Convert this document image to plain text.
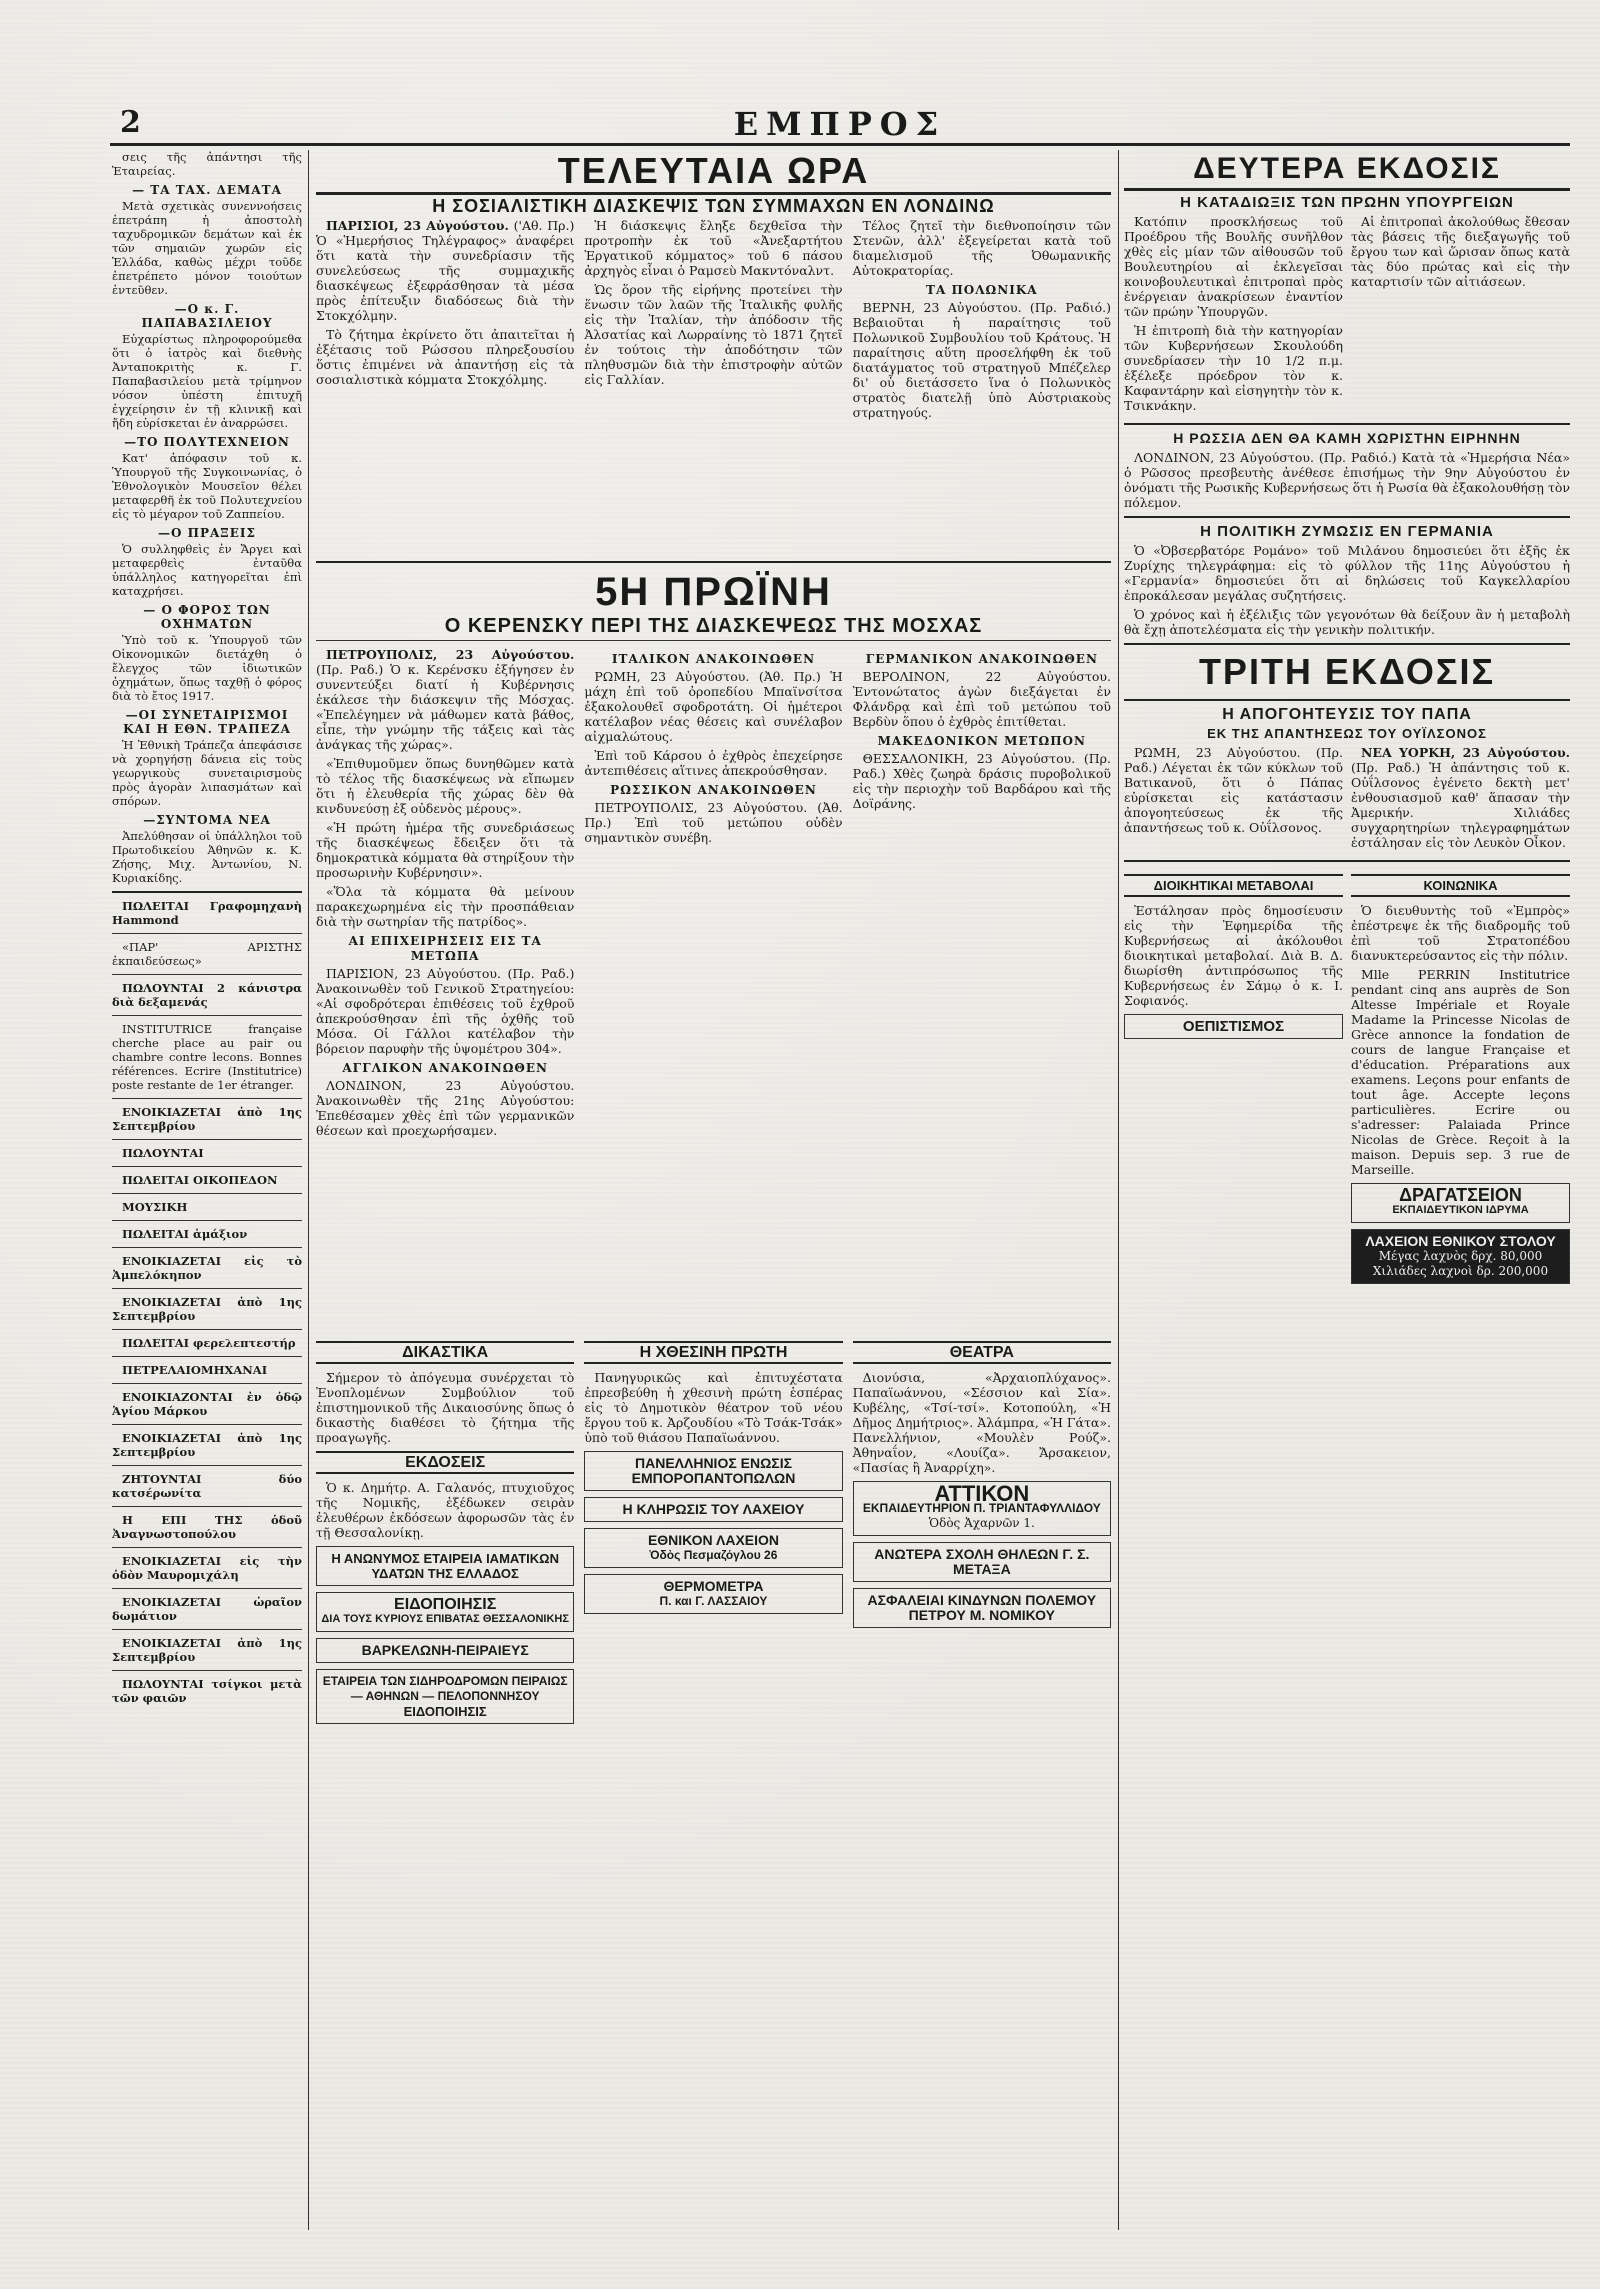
2	ΕΜΠΡΟΣ

σεις τῆς ἀπάντησι τῆς Ἑταιρείας.

— ΤΑ ΤΑΧ. ΔΕΜΑΤΑ

Μετὰ σχετικὰς συνεννοήσεις ἐπετράπη ἡ ἀποστολὴ ταχυδρομικῶν δεμάτων καὶ ἐκ τῶν σημαιῶν χωρῶν εἰς Ἑλλάδα, καθὼς μέχρι τοῦδε ἐπετρέπετο μόνον τοιούτων ἐντεῦθεν.

—Ο κ. Γ. ΠΑΠΑΒΑΣΙΛΕΙΟΥ

Εὐχαρίστως πληροφορούμεθα ὅτι ὁ ἰατρὸς καὶ διεθνὴς Ἀνταποκριτὴς κ. Γ. Παπαβασιλείου μετὰ τρίμηνον νόσον ὑπέστη ἐπιτυχῆ ἐγχείρησιν ἐν τῇ κλινικῇ καὶ ἤδη εὑρίσκεται ἐν ἀναρρώσει.

—ΤΟ ΠΟΛΥΤΕΧΝΕΙΟΝ

Κατ' ἀπόφασιν τοῦ κ. Ὑπουργοῦ τῆς Συγκοινωνίας, ὁ Ἐθνολογικὸν Μουσεῖον θέλει μεταφερθῆ ἐκ τοῦ Πολυτεχνείου εἰς τὸ μέγαρον τοῦ Ζαππείου.

—Ο ΠΡΑΞΕΙΣ

Ὁ συλληφθεὶς ἐν Ἄργει καὶ μεταφερθεὶς ἐνταῦθα ὑπάλληλος κατηγορεῖται ἐπὶ καταχρήσει.

— Ο ΦΟΡΟΣ ΤΩΝ ΟΧΗΜΑΤΩΝ

Ὑπὸ τοῦ κ. Ὑπουργοῦ τῶν Οἰκονομικῶν διετάχθη ὁ ἔλεγχος τῶν ἰδιωτικῶν ὀχημάτων, ὅπως ταχθῇ ὁ φόρος διὰ τὸ ἔτος 1917.

—ΟΙ ΣΥΝΕΤΑΙΡΙΣΜΟΙ ΚΑΙ Η ΕΘΝ. ΤΡΑΠΕΖΑ

Ἡ Ἐθνικὴ Τράπεζα ἀπεφάσισε νὰ χορηγήσῃ δάνεια εἰς τοὺς γεωργικοὺς συνεταιρισμοὺς πρὸς ἀγορὰν λιπασμάτων καὶ σπόρων.

—ΣΥΝΤΟΜΑ ΝΕΑ

Ἀπελύθησαν οἱ ὑπάλληλοι τοῦ Πρωτοδικείου Ἀθηνῶν κ. Κ. Ζήσης, Μιχ. Ἀντωνίου, Ν. Κυριακίδης.

ΠΩΛΕΙΤΑΙ Γραφομηχανὴ Hammond

«ΠΑΡ' ΑΡΙΣΤΗΣ ἐκπαιδεύσεως»

ΠΩΛΟΥΝΤΑΙ 2 κάνιστρα διὰ δεξαμενάς

INSTITUTRICE française cherche place au pair ou chambre contre lecons. Bonnes références. Ecrire (Institutrice) poste restante de 1er étranger.

ΕΝΟΙΚΙΑΖΕΤΑΙ ἀπὸ 1ης Σεπτεμβρίου

ΠΩΛΟΥΝΤΑΙ

ΠΩΛΕΙΤΑΙ ΟΙΚΟΠΕΔΟΝ

ΜΟΥΣΙΚΗ

ΠΩΛΕΙΤΑΙ ἁμάξιον

ΕΝΟΙΚΙΑΖΕΤΑΙ εἰς τὸ Ἀμπελόκηπον

ΕΝΟΙΚΙΑΖΕΤΑΙ ἀπὸ 1ης Σεπτεμβρίου

ΠΩΛΕΙΤΑΙ φερελεπτεστήρ

ΠΕΤΡΕΛΑΙΟΜΗΧΑΝΑΙ

ΕΝΟΙΚΙΑΖΟΝΤΑΙ ἐν ὁδῷ Ἁγίου Μάρκου

ΕΝΟΙΚΙΑΖΕΤΑΙ ἀπὸ 1ης Σεπτεμβρίου

ΖΗΤΟΥΝΤΑΙ δύο κατσέρωνίτα

Η ΕΠΙ ΤΗΣ ὁδοῦ Ἀναγνωστοπούλου

ΕΝΟΙΚΙΑΖΕΤΑΙ εἰς τὴν ὁδὸν Μαυρομιχάλη

ΕΝΟΙΚΙΑΖΕΤΑΙ ὡραῖον δωμάτιον

ΕΝΟΙΚΙΑΖΕΤΑΙ ἀπὸ 1ης Σεπτεμβρίου

ΠΩΛΟΥΝΤΑΙ τσίγκοι μετὰ τῶν φαιῶν

ΤΕΛΕΥΤΑΙΑ ΩΡΑ
Η ΣΟΣΙΑΛΙΣΤΙΚΗ ΔΙΑΣΚΕΨΙΣ ΤΩΝ ΣΥΜΜΑΧΩΝ ΕΝ ΛΟΝΔΙΝΩ

ΠΑΡΙΣΙΟΙ, 23 Αὐγούστου. ('Αθ. Πρ.) Ὁ «Ἡμερήσιος Τηλέγραφος» ἀναφέρει ὅτι κατὰ τὴν συνεδρίασιν τῆς συνελεύσεως τῆς συμμαχικῆς διασκέψεως ἐξεφράσθησαν τὰ μέσα πρὸς ἐπίτευξιν διαδόσεως διὰ τὴν Στοκχόλμην.

Τὸ ζήτημα ἐκρίνετο ὅτι ἀπαιτεῖται ἡ ἐξέτασις τοῦ Ρώσσου πληρεξουσίου ὅστις ἐπιμένει νὰ ἀπαντήσῃ εἰς τὰ σοσιαλιστικὰ κόμματα Στοκχόλμης.

Ἡ διάσκεψις ἔληξε δεχθεῖσα τὴν προτροπὴν ἐκ τοῦ «Ἀνεξαρτήτου Ἐργατικοῦ κόμματος» τοῦ 6 πάσου ἀρχηγὸς εἶναι ὁ Ραμσεὺ Μακντόναλντ.

Ὡς ὅρον τῆς εἰρήνης προτείνει τὴν ἕνωσιν τῶν λαῶν τῆς Ἰταλικῆς φυλῆς εἰς τὴν Ἰταλίαν, τὴν ἀπόδοσιν τῆς Ἀλσατίας καὶ Λωρραίνης τὸ 1871 ζητεῖ ἐν τούτοις τὴν ἀποδότησιν τῶν πληθυσμῶν διὰ τὴν ἐπιστροφὴν αὐτῶν εἰς Γαλλίαν.

Τέλος ζητεῖ τὴν διεθνοποίησιν τῶν Στενῶν, ἀλλ' ἐξεγείρεται κατὰ τοῦ διαμελισμοῦ τῆς Ὀθωμανικῆς Αὐτοκρατορίας.

ΤΑ ΠΟΛΩΝΙΚΑ

ΒΕΡΝΗ, 23 Αὐγούστου. (Πρ. Ραδιό.) Βεβαιοῦται ἡ παραίτησις τοῦ Πολωνικοῦ Συμβουλίου τοῦ Κράτους. Ἡ παραίτησις αὕτη προσελήφθη ἐκ τοῦ διατάγματος τοῦ στρατηγοῦ Μπέζελερ δι' οὗ διετάσσετο ἵνα ὁ Πολωνικὸς στρατὸς διατελῇ ὑπὸ Αὐστριακοὺς στρατηγούς.

5Η ΠΡΩΪΝΗ
Ο ΚΕΡΕΝΣΚΥ ΠΕΡΙ ΤΗΣ ΔΙΑΣΚΕΨΕΩΣ ΤΗΣ ΜΟΣΧΑΣ

ΠΕΤΡΟΥΠΟΛΙΣ, 23 Αὐγούστου. (Πρ. Ραδ.) Ὁ κ. Κερένσκυ ἐξήγησεν ἐν συνεντεύξει διατί ἡ Κυβέρνησις ἐκάλεσε τὴν διάσκεψιν τῆς Μόσχας. «Ἐπελέγημεν νὰ μάθωμεν κατὰ βάθος, εἶπε, τὴν γνώμην τῆς τάξεις καὶ τὰς ἀνάγκας τῆς χώρας».

«Ἐπιθυμοῦμεν ὅπως δυνηθῶμεν κατὰ τὸ τέλος τῆς διασκέψεως νὰ εἴπωμεν ὅτι ἡ ἐλευθερία τῆς χώρας δὲν θὰ κινδυνεύσῃ ἐξ οὐδενὸς μέρους».

«Ἡ πρώτη ἡμέρα τῆς συνεδριάσεως τῆς διασκέψεως ἔδειξεν ὅτι τὰ δημοκρατικὰ κόμματα θὰ στηρίξουν τὴν προσωρινὴν Κυβέρνησιν».

«Ὅλα τὰ κόμματα θὰ μείνουν παρακεχωρημένα εἰς τὴν προσπάθειαν διὰ τὴν σωτηρίαν τῆς πατρίδος».

ΑΙ ΕΠΙΧΕΙΡΗΣΕΙΣ ΕΙΣ ΤΑ ΜΕΤΩΠΑ

ΠΑΡΙΣΙΟΝ, 23 Αὐγούστου. (Πρ. Ραδ.) Ἀνακοινωθὲν τοῦ Γενικοῦ Στρατηγείου: «Αἱ σφοδρότεραι ἐπιθέσεις τοῦ ἐχθροῦ ἀπεκρούσθησαν ἐπὶ τῆς ὀχθῆς τοῦ Μόσα. Οἱ Γάλλοι κατέλαβον τὴν βόρειον παρυφὴν τῆς ὑψομέτρου 304».

ΑΓΓΛΙΚΟΝ ΑΝΑΚΟΙΝΩΘΕΝ

ΛΟΝΔΙΝΟΝ, 23 Αὐγούστου. Ἀνακοινωθὲν τῆς 21ης Αὐγούστου: Ἐπεθέσαμεν χθὲς ἐπὶ τῶν γερμανικῶν θέσεων καὶ προεχωρήσαμεν.

ΙΤΑΛΙΚΟΝ ΑΝΑΚΟΙΝΩΘΕΝ

ΡΩΜΗ, 23 Αὐγούστου. (Ἀθ. Πρ.) Ἡ μάχη ἐπὶ τοῦ ὀροπεδίου Μπαϊνσίτσα ἐξακολουθεῖ σφοδροτάτη. Οἱ ἡμέτεροι κατέλαβον νέας θέσεις καὶ συνέλαβον αἰχμαλώτους.

Ἐπὶ τοῦ Κάρσου ὁ ἐχθρὸς ἐπεχείρησε ἀντεπιθέσεις αἵτινες ἀπεκρούσθησαν.

ΡΩΣΣΙΚΟΝ ΑΝΑΚΟΙΝΩΘΕΝ

ΠΕΤΡΟΥΠΟΛΙΣ, 23 Αὐγούστου. (Ἀθ. Πρ.) Ἐπὶ τοῦ μετώπου οὐδὲν σημαντικὸν συνέβη.

ΓΕΡΜΑΝΙΚΟΝ ΑΝΑΚΟΙΝΩΘΕΝ

ΒΕΡΟΛΙΝΟΝ, 22 Αὐγούστου. Ἐντονώτατος ἀγὼν διεξάγεται ἐν Φλάνδρᾳ καὶ ἐπὶ τοῦ μετώπου τοῦ Βερδὺν ὅπου ὁ ἐχθρὸς ἐπιτίθεται.

ΜΑΚΕΔΟΝΙΚΟΝ ΜΕΤΩΠΟΝ

ΘΕΣΣΑΛΟΝΙΚΗ, 23 Αὐγούστου. (Πρ. Ραδ.) Χθὲς ζωηρὰ δράσις πυροβολικοῦ εἰς τὴν περιοχὴν τοῦ Βαρδάρου καὶ τῆς Δοϊράνης.

ΔΙΚΑΣΤΙΚΑ

Σήμερον τὸ ἀπόγευμα συνέρχεται τὸ Ἐνοπλομένων Συμβούλιον τοῦ ἐπιστημονικοῦ τῆς Δικαιοσύνης ὅπως ὁ δικαστὴς διαθέσει τὸ ζήτημα τῆς προαγωγῆς.

ΕΚΔΟΣΕΙΣ

Ὁ κ. Δημήτρ. Α. Γαλανός, πτυχιοῦχος τῆς Νομικῆς, ἐξέδωκεν σειρὰν ἐλευθέρων ἐκδόσεων ἀφορωσῶν τὰς ἐν τῇ Θεσσαλονίκῃ.

Η ΑΝΩΝΥΜΟΣ ΕΤΑΙΡΕΙΑ ΙΑΜΑΤΙΚΩΝ ΥΔΑΤΩΝ ΤΗΣ ΕΛΛΑΔΟΣ
ΕΙΔΟΠΟΙΗΣΙΣ
ΔΙΑ ΤΟΥΣ ΚΥΡΙΟΥΣ ΕΠΙΒΑΤΑΣ ΘΕΣΣΑΛΟΝΙΚΗΣ
ΒΑΡΚΕΛΩΝΗ-ΠΕΙΡΑΙΕΥΣ
ΕΤΑΙΡΕΙΑ ΤΩΝ ΣΙΔΗΡΟΔΡΟΜΩΝ ΠΕΙΡΑΙΩΣ — ΑΘΗΝΩΝ — ΠΕΛΟΠΟΝΝΗΣΟΥ
ΕΙΔΟΠΟΙΗΣΙΣ
Η ΧΘΕΣΙΝΗ ΠΡΩΤΗ

Πανηγυρικῶς καὶ ἐπιτυχέστατα ἐπρεσβεύθη ἡ χθεσινὴ πρώτη ἑσπέρας εἰς τὸ Δημοτικὸν θέατρον τοῦ νέου ἔργου τοῦ κ. Ἀρζουδίου «Τὸ Τσάκ-Τσάκ» ὑπὸ τοῦ θιάσου Παπαϊωάννου.

ΠΑΝΕΛΛΗΝΙΟΣ ΕΝΩΣΙΣ ΕΜΠΟΡΟΠΑΝΤΟΠΩΛΩΝ
Η ΚΛΗΡΩΣΙΣ ΤΟΥ ΛΑΧΕΙΟΥ
ΕΘΝΙΚΟΝ ΛΑΧΕΙΟΝ
Ὁδὸς Πεσμαζόγλου 26
ΘΕΡΜΟΜΕΤΡΑ
Π. και Γ. ΛΑΣΣΑΙΟΥ
ΘΕΑΤΡΑ

Διονύσια, «Ἀρχαιοπλύχανος». Παπαϊωάννου, «Σέσσιον καὶ Σία». Κυβέλης, «Τσί-τσί». Κοτοπούλη, «Ἡ Δῆμος Δημήτριος». Ἀλάμπρα, «Ἡ Γάτα». Πανελλήνιον, «Μουλὲν Ρούζ». Ἀθηναΐον, «Λουίζα». Ἄρσακειον, «Πασίας ἢ Ἀναρρίχη».

ΑΤΤΙΚΟΝ
ΕΚΠΑΙΔΕΥΤΗΡΙΟΝ Π. ΤΡΙΑΝΤΑΦΥΛΛΙΔΟΥ
Ὁδὸς Ἀχαρνῶν 1.
ΑΝΩΤΕΡΑ ΣΧΟΛΗ ΘΗΛΕΩΝ Γ. Σ. ΜΕΤΑΞΑ
ΑΣΦΑΛΕΙΑΙ ΚΙΝΔΥΝΩΝ ΠΟΛΕΜΟΥ ΠΕΤΡΟΥ Μ. ΝΟΜΙΚΟΥ
ΔΕΥΤΕΡΑ ΕΚΔΟΣΙΣ
Η ΚΑΤΑΔΙΩΞΙΣ ΤΩΝ ΠΡΩΗΝ ΥΠΟΥΡΓΕΙΩΝ

Κατόπιν προσκλήσεως τοῦ Προέδρου τῆς Βουλῆς συνῆλθον χθὲς εἰς μίαν τῶν αἰθουσῶν τοῦ Βουλευτηρίου αἱ ἐκλεγεῖσαι κοινοβουλευτικαὶ ἐπιτροπαὶ πρὸς ἐνέργειαν ἀνακρίσεων ἐναντίον τῶν πρώην Ὑπουργῶν.

Ἡ ἐπιτροπὴ διὰ τὴν κατηγορίαν τῶν Κυβερνήσεων Σκουλούδη συνεδρίασεν τὴν 10 1/2 π.μ. ἐξέλεξε πρόεδρον τὸν κ. Καφαντάρην καὶ εἰσηγητὴν τὸν κ. Τσικνάκην.

Αἱ ἐπιτροπαὶ ἀκολούθως ἔθεσαν τὰς βάσεις τῆς διεξαγωγῆς τοῦ ἔργου των καὶ ὥρισαν ὅπως κατὰ τὰς δύο πρώτας καὶ εἰς τὴν καταρτισίν τῶν αἰτιάσεων.

Η ΡΩΣΣΙΑ ΔΕΝ ΘΑ ΚΑΜΗ ΧΩΡΙΣΤΗΝ ΕΙΡΗΝΗΝ

ΛΟΝΔΙΝΟΝ, 23 Αὐγούστου. (Πρ. Ραδιό.) Κατὰ τὰ «Ἡμερήσια Νέα» ὁ Ρῶσσος πρεσβευτὴς ἀνέθεσε ἐπισήμως τὴν 9ην Αὐγούστου ἐν ὀνόματι τῆς Ρωσικῆς Κυβερνήσεως ὅτι ἡ Ρωσία θὰ ἐξακολουθήσῃ τὸν πόλεμον.

Η ΠΟΛΙΤΙΚΗ ΖΥΜΩΣΙΣ ΕΝ ΓΕΡΜΑΝΙΑ

Ὁ «Ὀβσερβατόρε Ρομάνο» τοῦ Μιλάνου δημοσιεύει ὅτι ἐξῆς ἐκ Ζυρίχης τηλεγράφημα: εἰς τὸ φύλλον τῆς 11ης Αὐγούστου ἡ «Γερμανία» δημοσιεύει ὅτι αἱ δηλώσεις τοῦ Καγκελλαρίου ἐπροκάλεσαν μεγάλας συζητήσεις.

Ὁ χρόνος καὶ ἡ ἐξέλιξις τῶν γεγονότων θὰ δείξουν ἂν ἡ μεταβολὴ θὰ ἔχῃ ἀποτελέσματα εἰς τὴν γενικὴν πολιτικήν.

ΤΡΙΤΗ ΕΚΔΟΣΙΣ
Η ΑΠΟΓΟΗΤΕΥΣΙΣ ΤΟΥ ΠΑΠΑ
ΕΚ ΤΗΣ ΑΠΑΝΤΗΣΕΩΣ ΤΟΥ ΟΥΪΛΣΟΝΟΣ

ΡΩΜΗ, 23 Αὐγούστου. (Πρ. Ραδ.) Λέγεται ἐκ τῶν κύκλων τοῦ Βατικανοῦ, ὅτι ὁ Πάπας εὑρίσκεται εἰς κατάστασιν ἀπογοητεύσεως ἐκ τῆς ἀπαντήσεως τοῦ κ. Οὐΐλσονος.

ΝΕΑ ΥΟΡΚΗ, 23 Αὐγούστου. (Πρ. Ραδ.) Ἡ ἀπάντησις τοῦ κ. Οὐΐλσονος ἐγένετο δεκτὴ μετ' ἐνθουσιασμοῦ καθ' ἅπασαν τὴν Ἀμερικήν. Χιλιάδες συγχαρητηρίων τηλεγραφημάτων ἐστάλησαν εἰς τὸν Λευκὸν Οἶκον.

ΔΙΟΙΚΗΤΙΚΑΙ ΜΕΤΑΒΟΛΑΙ

Ἐστάλησαν πρὸς δημοσίευσιν εἰς τὴν Ἐφημερίδα τῆς Κυβερνήσεως αἱ ἀκόλουθοι διοικητικαὶ μεταβολαί. Διὰ Β. Δ. διωρίσθη ἀντιπρόσωπος τῆς Κυβερνήσεως ἐν Σάμῳ ὁ κ. Ι. Σοφιανός.

ΟΕΠΙΣΤΙΣΜΟΣ
ΚΟΙΝΩΝΙΚΑ

Ὁ διευθυντὴς τοῦ «Ἐμπρὸς» ἐπέστρεψε ἐκ τῆς διαδρομῆς τοῦ ἐπὶ τοῦ Στρατοπέδου διανυκτερεύσαντος εἰς τὴν πόλιν.

Mlle PERRIN Institutrice pendant cinq ans auprès de Son Altesse Impériale et Royale Madame la Princesse Nicolas de Grèce annonce la fondation de cours de langue Française et d'éducation. Préparations aux examens. Leçons pour enfants de tout âge. Accepte leçons particulières. Ecrire ou s'adresser: Palaiada Prince Nicolas de Grèce. Reçoit à la maison. Depuis sep. 3 rue de Marseille.

ΔΡΑΓΑΤΣΕΙΟΝ
ΕΚΠΑΙΔΕΥΤΙΚΟΝ ΙΔΡΥΜΑ
ΛΑΧΕΙΟΝ ΕΘΝΙΚΟΥ ΣΤΟΛΟΥ
Μέγας λαχνὸς δρχ. 80,000
Χιλιάδες λαχνοὶ δρ. 200,000
